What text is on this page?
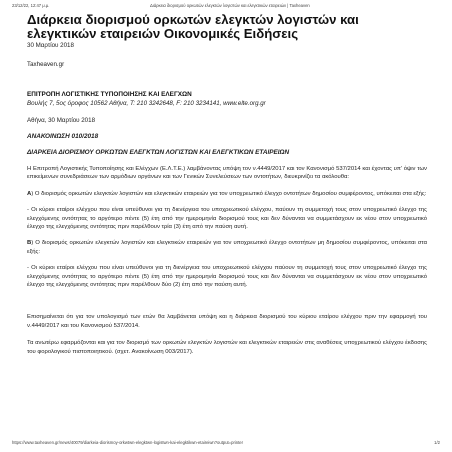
23/12/22, 12:47 μ.μ.	Διάρκεια διορισμού ορκωτών ελεγκτών λογιστών και ελεγκτικών εταιρειών | Taxheaven
Διάρκεια διορισμού ορκωτών ελεγκτών λογιστών και ελεγκτικών εταιρειών Οικονομικές Ειδήσεις
30 Μαρτίου 2018
Taxheaven.gr
ΕΠΙΤΡΟΠΗ ΛΟΓΙΣΤΙΚΗΣ ΤΥΠΟΠΟΙΗΣΗΣ ΚΑΙ ΕΛΕΓΧΩΝ
Βουλής 7, 5ος όροφος 10562 Αθήνα, Τ: 210 3242648, F: 210 3234141, www.elte.org.gr
Αθήνα, 30 Μαρτίου 2018
ΑΝΑΚΟΙΝΩΣΗ 010/2018
ΔΙΑΡΚΕΙΑ ΔΙΟΡΙΣΜΟΥ ΟΡΚΩΤΩΝ ΕΛΕΓΚΤΩΝ ΛΟΓΙΣΤΩΝ ΚΑΙ ΕΛΕΓΚΤΙΚΩΝ ΕΤΑΙΡΕΙΩΝ

Η Επιτροπή Λογιστικής Τυποποίησης και Ελέγχων (Ε.Λ.Τ.Ε.) λαμβάνοντας υπόψη τον ν.4449/2017 και τον Κανονισμό 537/2014 και έχοντας υπ’ όψιν των επικείμενων συνεδριάσεων των αρμόδιων οργάνων και των Γενικών Συνελεύσεων των οντοτήτων, διευκρινίζει τα ακόλουθα:

Α) Ο διορισμός ορκωτών ελεγκτών λογιστών και ελεγκτικών εταιρειών για τον υποχρεωτικό έλεγχο οντοτήτων δημοσίου συμφέροντος, υπόκειται στα εξής:

- Οι κύριοι εταίροι ελέγχου που είναι υπεύθυνοι για τη διενέργεια του υποχρεωτικού ελέγχου, παύουν τη συμμετοχή τους στον υποχρεωτικό έλεγχο της ελεγχόμενης οντότητας το αργότερο πέντε (5) έτη από την ημερομηνία διορισμού τους και δεν δύνανται να συμμετάσχουν εκ νέου στον υποχρεωτικό έλεγχο της ελεγχόμενης οντότητας πριν παρέλθουν τρία (3) έτη από την παύση αυτή.

Β) Ο διορισμός ορκωτών ελεγκτών λογιστών και ελεγκτικών εταιρειών για τον υποχρεωτικό έλεγχο οντοτήτων μη δημοσίου συμφέροντος, υπόκειται στα εξής:

- Οι κύριοι εταίροι ελέγχου που είναι υπεύθυνοι για τη διενέργεια του υποχρεωτικού ελέγχου παύουν τη συμμετοχή τους στον υποχρεωτικό έλεγχο της ελεγχόμενης οντότητας το αργότερο πέντε (5) έτη από την ημερομηνία διορισμού τους και δεν δύνανται να συμμετάσχουν εκ νέου στον υποχρεωτικό έλεγχο της ελεγχόμενης οντότητας πριν παρέλθουν δύο (2) έτη από την παύση αυτή.

Επισημαίνεται ότι για τον υπολογισμό των ετών θα λαμβάνεται υπόψη και η διάρκεια διορισμού του κύριου εταίρου ελέγχου πριν την εφαρμογή του ν.4449/2017 και του Κανονισμού 537/2014.

Τα ανωτέρω εφαρμόζονται και για τον διορισμό των ορκωτών ελεγκτών λογιστών και ελεγκτικών εταιρειών στις αναθέσεις υποχρεωτικού ελέγχου έκδοσης του φορολογικού πιστοποιητικού. (σχετ. Ανακοίνωση 003/2017).

https://www.taxheaven.gr/news/40079/diarkeia-diorismoy-orkwtwn-elegktwn-logistwn-kai-elegktikwn-etaireiwn?output=printer	1/2
